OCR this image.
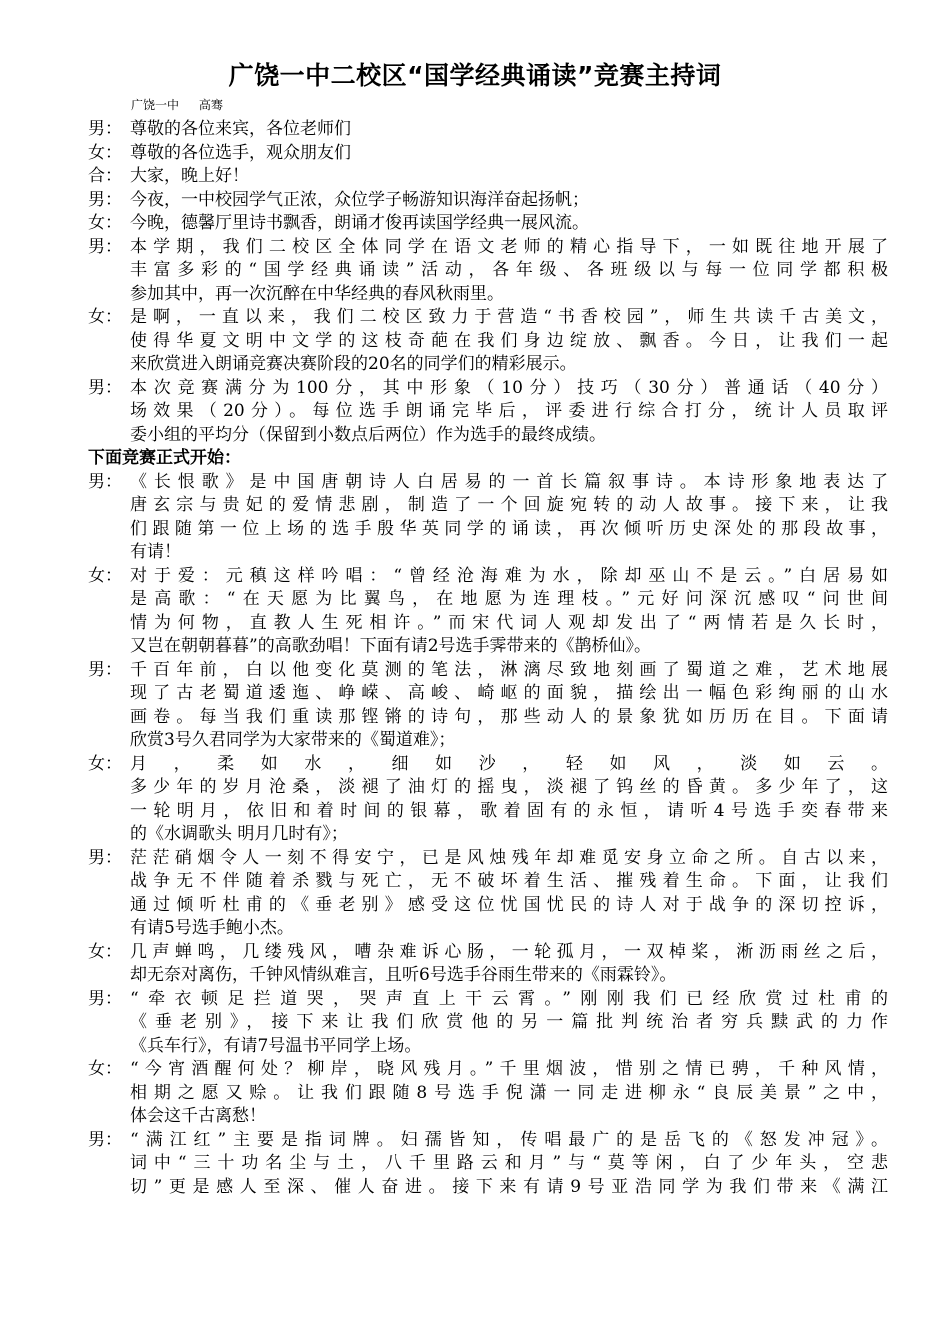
广饶一中二校区“国学经典诵读”竞赛主持词
广饶一中 高骞
男： 尊敬的各位来宾，各位老师们
女： 尊敬的各位选手，观众朋友们
合： 大家，晚上好！
男： 今夜，一中校园学气正浓，众位学子畅游知识海洋奋起扬帆；
女： 今晚，德馨厅里诗书飘香，朗诵才俊再读国学经典一展风流。
男： 本学期，我们二校区全体同学在语文老师的精心指导下，一如既往地开展了
丰富多彩的“国学经典诵读”活动，各年级、各班级以与每一位同学都积极
参加其中，再一次沉醉在中华经典的春风秋雨里。
女： 是啊，一直以来，我们二校区致力于营造“书香校园”，师生共读千古美文，
使得华夏文明中文学的这枝奇葩在我们身边绽放、飘香。今日，让我们一起
来欣赏进入朗诵竞赛决赛阶段的20名的同学们的精彩展示。
男： 本次竞赛满分为100分，其中形象（10分）技巧（30分）普通话（40分）
场效果（20分）。每位选手朗诵完毕后，评委进行综合打分，统计人员取评
委小组的平均分（保留到小数点后两位）作为选手的最终成绩。
下面竞赛正式开始：
男： 《长恨歌》是中国唐朝诗人白居易的一首长篇叙事诗。本诗形象地表达了
唐玄宗与贵妃的爱情悲剧，制造了一个回旋宛转的动人故事。接下来，让我
们跟随第一位上场的选手殷华英同学的诵读，再次倾听历史深处的那段故事，
有请！
女： 对于爱：元稹这样吟唱：“曾经沧海难为水，除却巫山不是云。”白居易如
是高歌：“在天愿为比翼鸟，在地愿为连理枝。”元好问深沉感叹“问世间
情为何物，直教人生死相许。”而宋代词人观却发出了“两情若是久长时，
又岂在朝朝暮暮”的高歌劲唱！下面有请2号选手霁带来的《鹊桥仙》。
男： 千百年前，白以他变化莫测的笔法，淋漓尽致地刻画了蜀道之难，艺术地展
现了古老蜀道逶迤、峥嵘、高峻、崎岖的面貌，描绘出一幅色彩绚丽的山水
画卷。每当我们重读那铿锵的诗句，那些动人的景象犹如历历在目。下面请
欣赏3号久君同学为大家带来的《蜀道难》；
女： 月，柔如水，细如沙，轻如风，淡如云。
多少年的岁月沧桑，淡褪了油灯的摇曳，淡褪了钨丝的昏黄。多少年了，这
一轮明月，依旧和着时间的银幕，歌着固有的永恒，请听4号选手奕春带来
的《水调歌头 明月几时有》；
男： 茫茫硝烟令人一刻不得安宁，已是风烛残年却难觅安身立命之所。自古以来，
战争无不伴随着杀戮与死亡，无不破坏着生活、摧残着生命。下面，让我们
通过倾听杜甫的《垂老别》感受这位忧国忧民的诗人对于战争的深切控诉，
有请5号选手鲍小杰。
女： 几声蝉鸣，几缕残风，嘈杂难诉心肠，一轮孤月，一双棹桨，淅沥雨丝之后，
却无奈对离伤，千钟风情纵难言，且听6号选手谷雨生带来的《雨霖铃》。
男： “牵衣顿足拦道哭，哭声直上干云霄。”刚刚我们已经欣赏过杜甫的
《垂老别》，接下来让我们欣赏他的另一篇批判统治者穷兵黩武的力作
《兵车行》，有请7号温书平同学上场。
女： “今宵酒醒何处？柳岸，晓风残月。”千里烟波，惜别之情已骋，千种风情，
相期之愿又赊。让我们跟随8号选手倪潇一同走进柳永“良辰美景”之中，
体会这千古离愁！
男： “满江红”主要是指词牌。妇孺皆知，传唱最广的是岳飞的《怒发冲冠》。
词中“三十功名尘与土，八千里路云和月”与“莫等闲，白了少年头，空悲
切”更是感人至深、催人奋进。接下来有请9号亚浩同学为我们带来《满江
